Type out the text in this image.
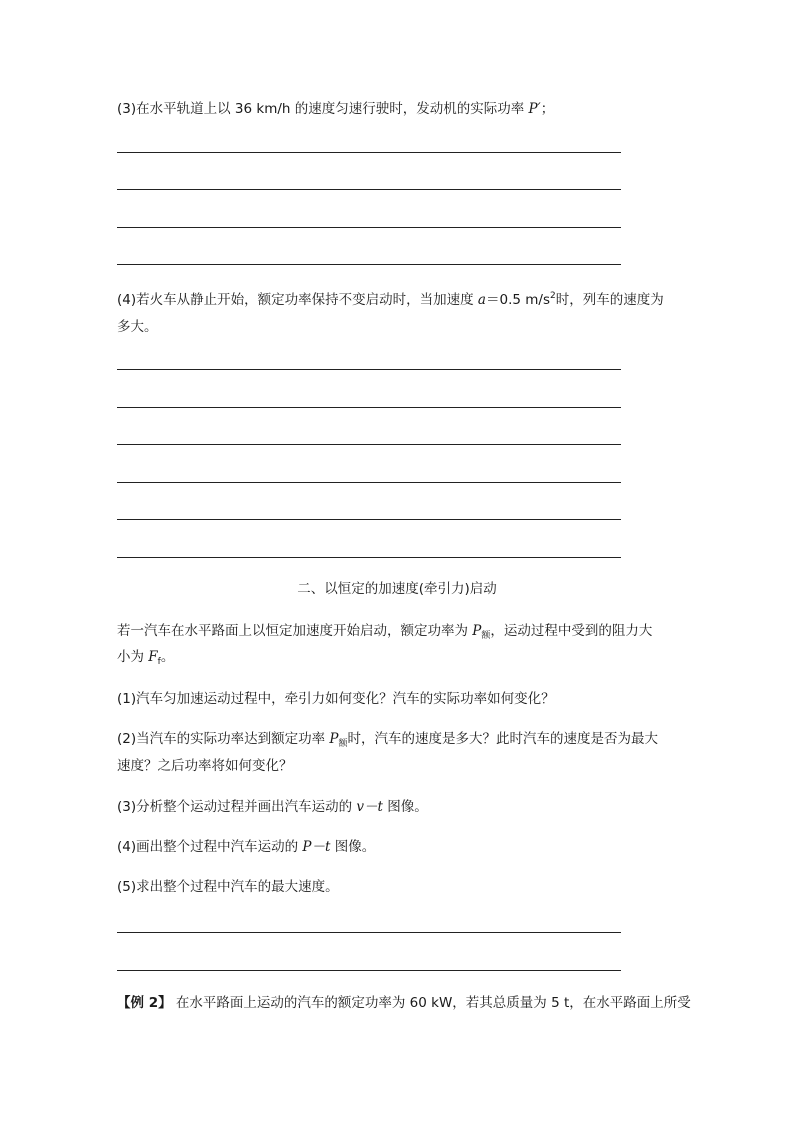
(3)在水平轨道上以 36 km/h 的速度匀速行驶时，发动机的实际功率 P′；
(4)若火车从静止开始，额定功率保持不变启动时，当加速度 a＝0.5 $m/s^2$时，列车的速度为
多大。
二、以恒定的加速度(牵引力)启动
若一汽车在水平路面上以恒定加速度开始启动，额定功率为 $P_额$，运动过程中受到的阻力大
小为 $F_f$。
(1)汽车匀加速运动过程中，牵引力如何变化？汽车的实际功率如何变化？
(2)当汽车的实际功率达到额定功率 $P_额$时，汽车的速度是多大？此时汽车的速度是否为最大
速度？之后功率将如何变化？
(3)分析整个运动过程并画出汽车运动的 v－t 图像。
(4)画出整个过程中汽车运动的 P－t 图像。
(5)求出整个过程中汽车的最大速度。
【例 2】 在水平路面上运动的汽车的额定功率为 60 kW，若其总质量为 5 t，在水平路面上所受
